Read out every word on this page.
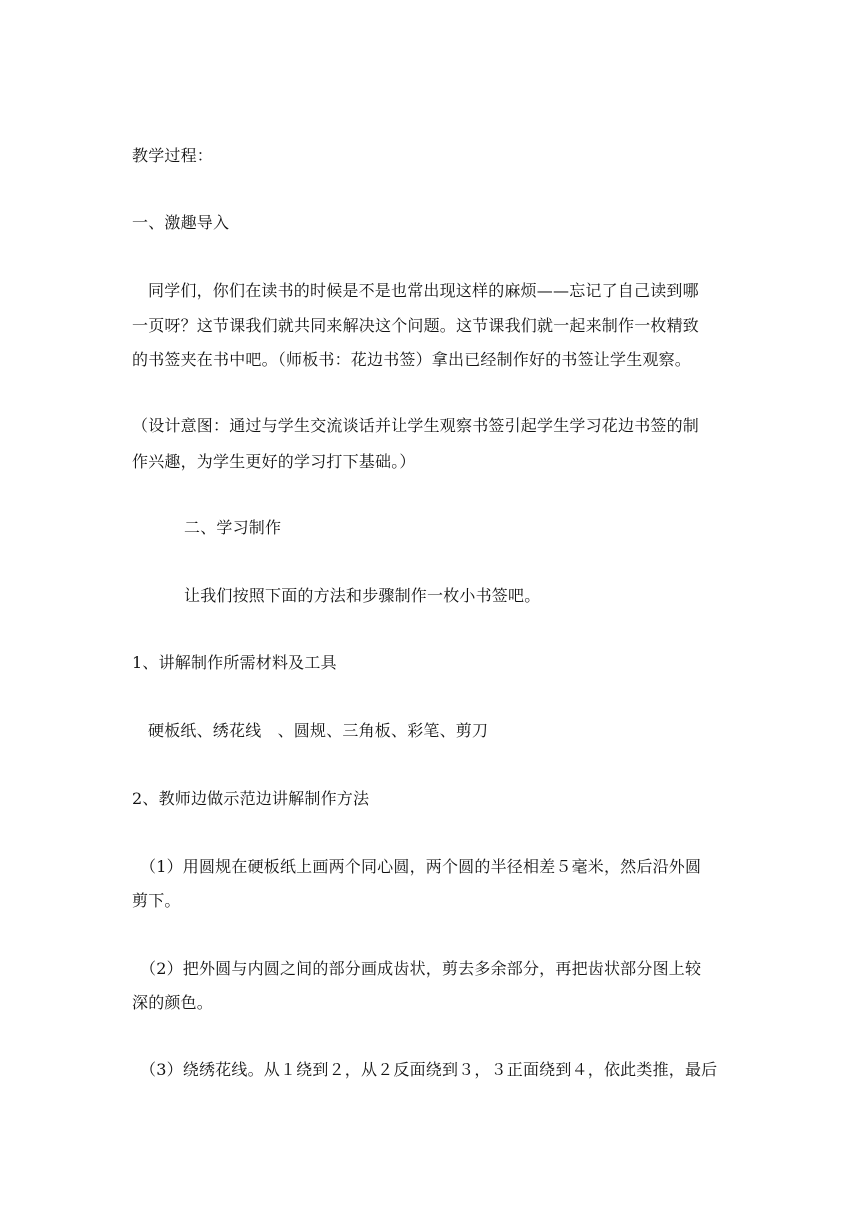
教学过程：
一、激趣导入
同学们，你们在读书的时候是不是也常出现这样的麻烦——忘记了自己读到哪
一页呀？这节课我们就共同来解决这个问题。这节课我们就一起来制作一枚精致
的书签夹在书中吧。（师板书：花边书签）拿出已经制作好的书签让学生观察。
（设计意图：通过与学生交流谈话并让学生观察书签引起学生学习花边书签的制
作兴趣，为学生更好的学习打下基础。）
二、学习制作
让我们按照下面的方法和步骤制作一枚小书签吧。
1、讲解制作所需材料及工具
硬板纸、绣花线　、圆规、三角板、彩笔、剪刀
2、教师边做示范边讲解制作方法
（1）用圆规在硬板纸上画两个同心圆，两个圆的半径相差５毫米，然后沿外圆
剪下。
（2）把外圆与内圆之间的部分画成齿状，剪去多余部分，再把齿状部分图上较
深的颜色。
（3）绕绣花线。从１绕到２，从２反面绕到３，３正面绕到４，依此类推，最后
